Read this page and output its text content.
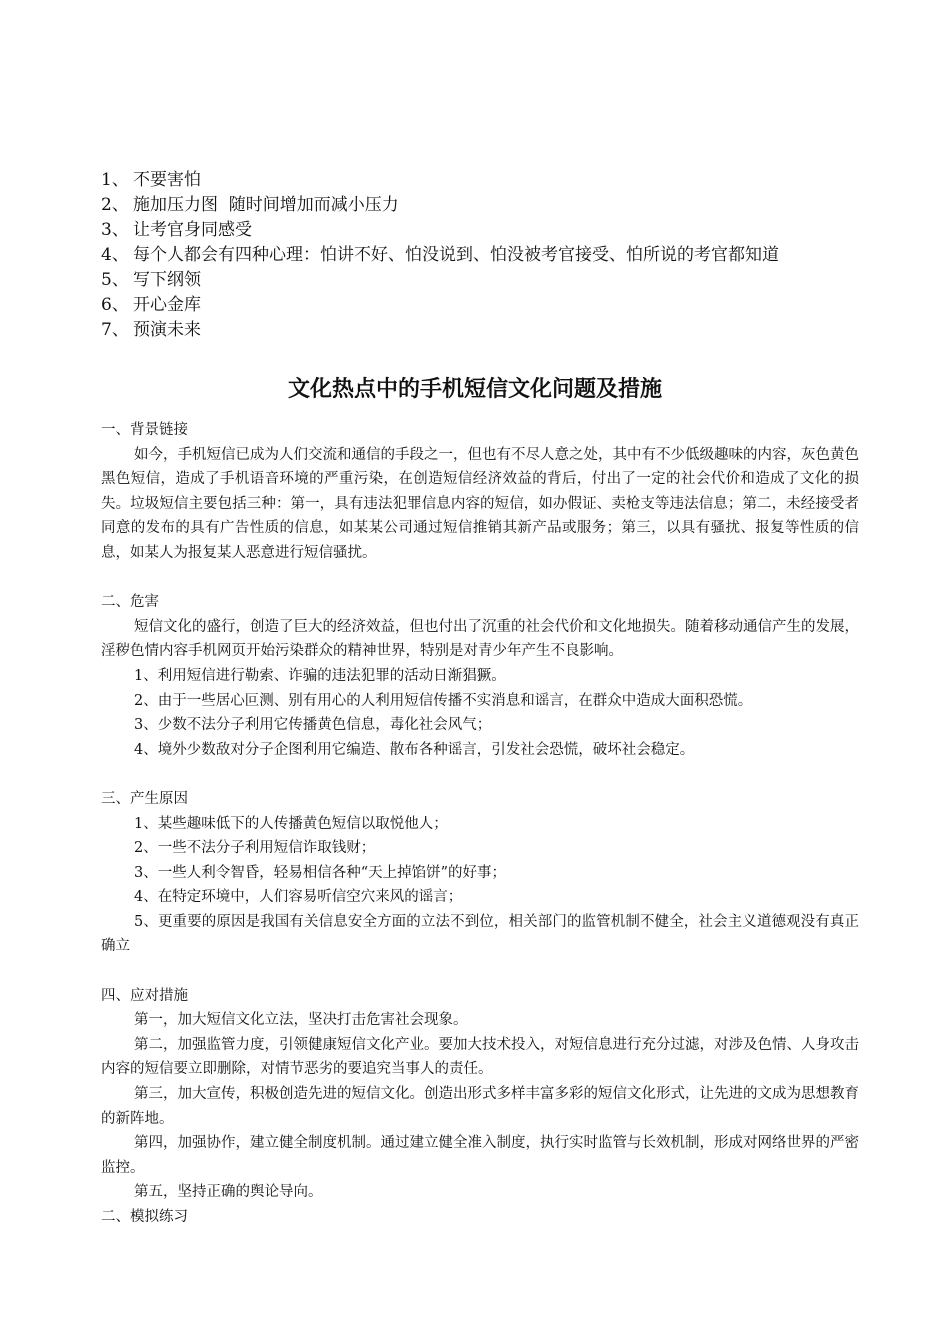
1、 不要害怕
2、 施加压力图  随时间增加而减小压力
3、 让考官身同感受
4、 每个人都会有四种心理：怕讲不好、怕没说到、怕没被考官接受、怕所说的考官都知道
5、 写下纲领
6、 开心金库
7、 预演未来
文化热点中的手机短信文化问题及措施

一、背景链接

如今，手机短信已成为人们交流和通信的手段之一，但也有不尽人意之处，其中有不少低级趣味的内容，灰色黄色黑色短信，造成了手机语音环境的严重污染，在创造短信经济效益的背后，付出了一定的社会代价和造成了文化的损失。垃圾短信主要包括三种：第一，具有违法犯罪信息内容的短信，如办假证、卖枪支等违法信息；第二，未经接受者同意的发布的具有广告性质的信息，如某某公司通过短信推销其新产品或服务；第三，以具有骚扰、报复等性质的信息，如某人为报复某人恶意进行短信骚扰。

二、危害

短信文化的盛行，创造了巨大的经济效益，但也付出了沉重的社会代价和文化地损失。随着移动通信产生的发展，淫秽色情内容手机网页开始污染群众的精神世界，特别是对青少年产生不良影响。

1、利用短信进行勒索、诈骗的违法犯罪的活动日渐猖獗。

2、由于一些居心叵测、别有用心的人利用短信传播不实消息和谣言，在群众中造成大面积恐慌。

3、少数不法分子利用它传播黄色信息，毒化社会风气；

4、境外少数敌对分子企图利用它编造、散布各种谣言，引发社会恐慌，破坏社会稳定。

三、产生原因

1、某些趣味低下的人传播黄色短信以取悦他人；

2、一些不法分子利用短信诈取钱财；

3、一些人利令智昏，轻易相信各种“天上掉馅饼”的好事；

4、在特定环境中，人们容易听信空穴来风的谣言；

5、更重要的原因是我国有关信息安全方面的立法不到位，相关部门的监管机制不健全，社会主义道德观没有真正确立

四、应对措施

第一，加大短信文化立法，坚决打击危害社会现象。

第二，加强监管力度，引领健康短信文化产业。要加大技术投入，对短信息进行充分过滤，对涉及色情、人身攻击内容的短信要立即删除，对情节恶劣的要追究当事人的责任。

第三，加大宣传，积极创造先进的短信文化。创造出形式多样丰富多彩的短信文化形式，让先进的文成为思想教育的新阵地。

第四，加强协作，建立健全制度机制。通过建立健全准入制度，执行实时监管与长效机制，形成对网络世界的严密监控。

第五，坚持正确的舆论导向。

二、模拟练习
